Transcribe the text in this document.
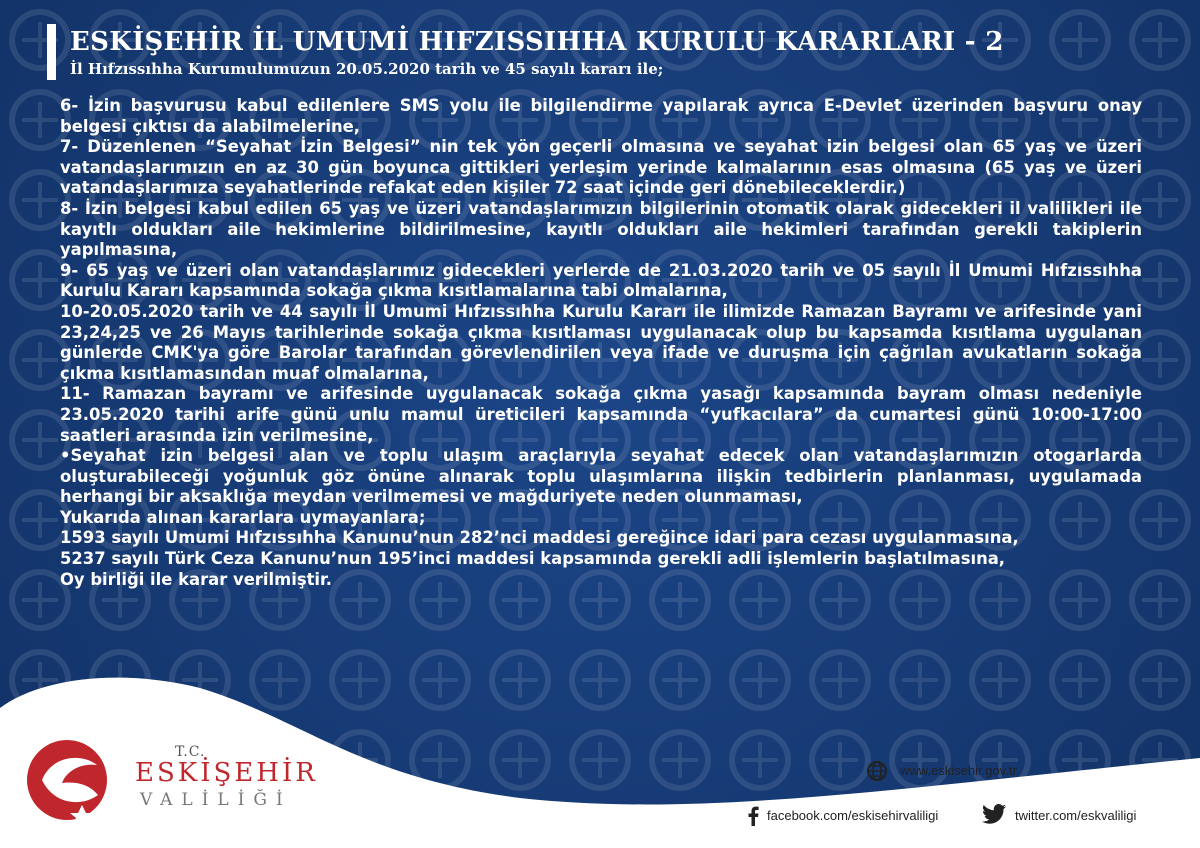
ESKİŞEHİR İL UMUMİ HIFZISSIHHA KURULU KARARLARI - 2
İl Hıfzıssıhha Kurumulumuzun 20.05.2020 tarih ve 45 sayılı kararı ile;

6- İzin başvurusu kabul edilenlere SMS yolu ile bilgilendirme yapılarak ayrıca E-Devlet üzerinden başvuru onay belgesi çıktısı da alabilmelerine,

7- Düzenlenen “Seyahat İzin Belgesi” nin tek yön geçerli olmasına ve seyahat izin belgesi olan 65 yaş ve üzeri vatandaşlarımızın en az 30 gün boyunca gittikleri yerleşim yerinde kalmalarının esas olmasına (65 yaş ve üzeri vatandaşlarımıza seyahatlerinde refakat eden kişiler 72 saat içinde geri dönebileceklerdir.)

8- İzin belgesi kabul edilen 65 yaş ve üzeri vatandaşlarımızın bilgilerinin otomatik olarak gidecekleri il valilikleri ile kayıtlı oldukları aile hekimlerine bildirilmesine, kayıtlı oldukları aile hekimleri tarafından gerekli takiplerin yapılmasına,

9- 65 yaş ve üzeri olan vatandaşlarımız gidecekleri yerlerde de 21.03.2020 tarih ve 05 sayılı İl Umumi Hıfzıssıhha Kurulu Kararı kapsamında sokağa çıkma kısıtlamalarına tabi olmalarına,

10-20.05.2020 tarih ve 44 sayılı İl Umumi Hıfzıssıhha Kurulu Kararı ile ilimizde Ramazan Bayramı ve arifesinde yani 23,24,25 ve 26 Mayıs tarihlerinde sokağa çıkma kısıtlaması uygulanacak olup bu kapsamda kısıtlama uygulanan günlerde CMK'ya göre Barolar tarafından görevlendirilen veya ifade ve duruşma için çağrılan avukatların sokağa çıkma kısıtlamasından muaf olmalarına,

11- Ramazan bayramı ve arifesinde uygulanacak sokağa çıkma yasağı kapsamında bayram olması nedeniyle 23.05.2020 tarihi arife günü unlu mamul üreticileri kapsamında “yufkacılara” da cumartesi günü 10:00-17:00 saatleri arasında izin verilmesine,

•Seyahat izin belgesi alan ve toplu ulaşım araçlarıyla seyahat edecek olan vatandaşlarımızın otogarlarda oluşturabileceği yoğunluk göz önüne alınarak toplu ulaşımlarına ilişkin tedbirlerin planlanması, uygulamada herhangi bir aksaklığa meydan verilmemesi ve mağduriyete neden olunmaması,

Yukarıda alınan kararlara uymayanlara;

1593 sayılı Umumi Hıfzıssıhha Kanunu’nun 282’nci maddesi gereğince idari para cezası uygulanmasına,

5237 sayılı Türk Ceza Kanunu’nun 195’inci maddesi kapsamında gerekli adli işlemlerin başlatılmasına,

Oy birliği ile karar verilmiştir.

T.C.
ESKİŞEHİR
VALİLİĞİ
www.eskisehir.gov.tr
facebook.com/eskisehirvaliligi	twitter.com/eskvaliligi
